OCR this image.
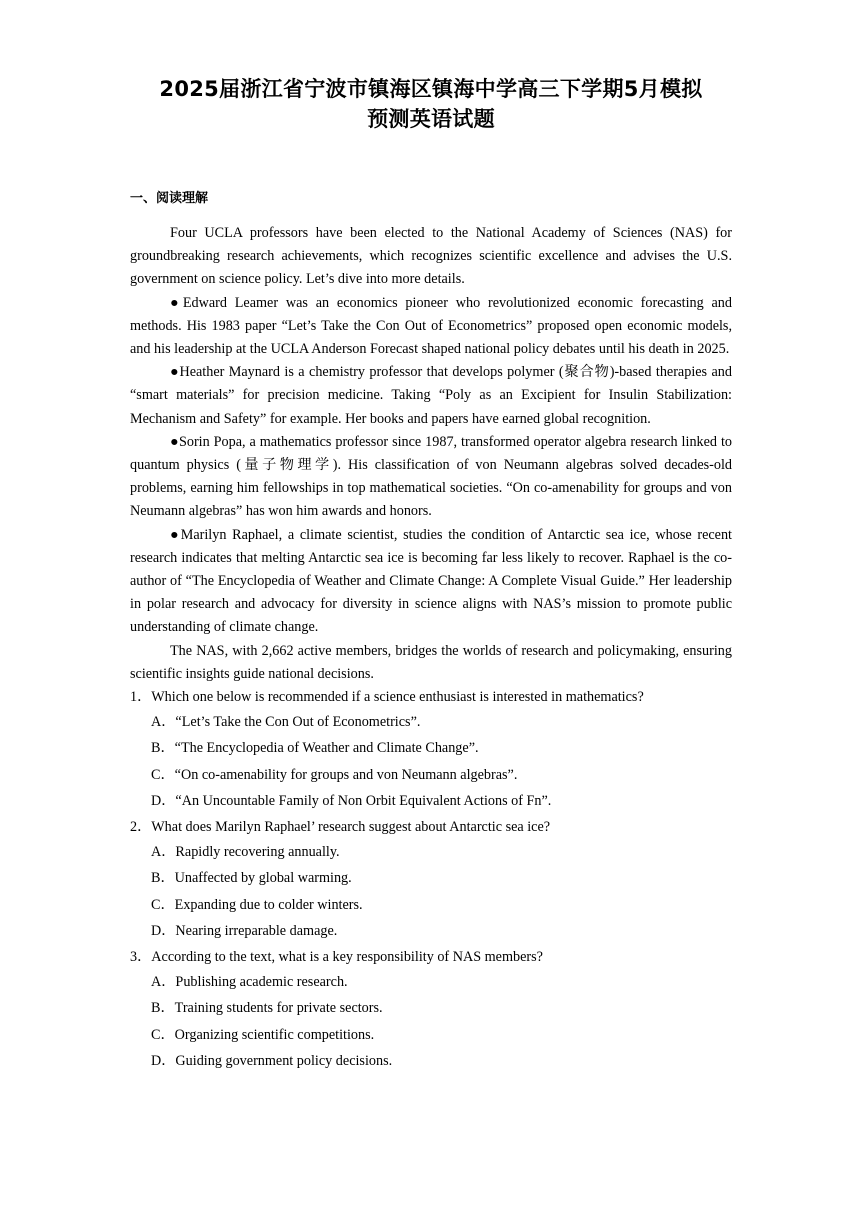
2025届浙江省宁波市镇海区镇海中学高三下学期5月模拟
预测英语试题
一、阅读理解

Four UCLA professors have been elected to the National Academy of Sciences (NAS) for groundbreaking research achievements, which recognizes scientific excellence and advises the U.S. government on science policy. Let’s dive into more details.

●Edward Leamer was an economics pioneer who revolutionized economic forecasting and methods. His 1983 paper “Let’s Take the Con Out of Econometrics” proposed open economic models, and his leadership at the UCLA Anderson Forecast shaped national policy debates until his death in 2025.

●Heather Maynard is a chemistry professor that develops polymer (聚合物)-based therapies and “smart materials” for precision medicine. Taking “Poly as an Excipient for Insulin Stabilization: Mechanism and Safety” for example. Her books and papers have earned global recognition.

●Sorin Popa, a mathematics professor since 1987, transformed operator algebra research linked to quantum physics (量子物理学). His classification of von Neumann algebras solved decades-old problems, earning him fellowships in top mathematical societies. “On co-amenability for groups and von Neumann algebras” has won him awards and honors.

●Marilyn Raphael, a climate scientist, studies the condition of Antarctic sea ice, whose recent research indicates that melting Antarctic sea ice is becoming far less likely to recover. Raphael is the co-author of “The Encyclopedia of Weather and Climate Change: A Complete Visual Guide.” Her leadership in polar research and advocacy for diversity in science aligns with NAS’s mission to promote public understanding of climate change.

The NAS, with 2,662 active members, bridges the worlds of research and policymaking, ensuring scientific insights guide national decisions.

1．Which one below is recommended if a science enthusiast is interested in mathematics?
A．“Let’s Take the Con Out of Econometrics”.
B．“The Encyclopedia of Weather and Climate Change”.
C．“On co-amenability for groups and von Neumann algebras”.
D．“An Uncountable Family of Non Orbit Equivalent Actions of Fn”.
2．What does Marilyn Raphael’ research suggest about Antarctic sea ice?
A．Rapidly recovering annually.
B．Unaffected by global warming.
C．Expanding due to colder winters.
D．Nearing irreparable damage.
3．According to the text, what is a key responsibility of NAS members?
A．Publishing academic research.
B．Training students for private sectors.
C．Organizing scientific competitions.
D．Guiding government policy decisions.
